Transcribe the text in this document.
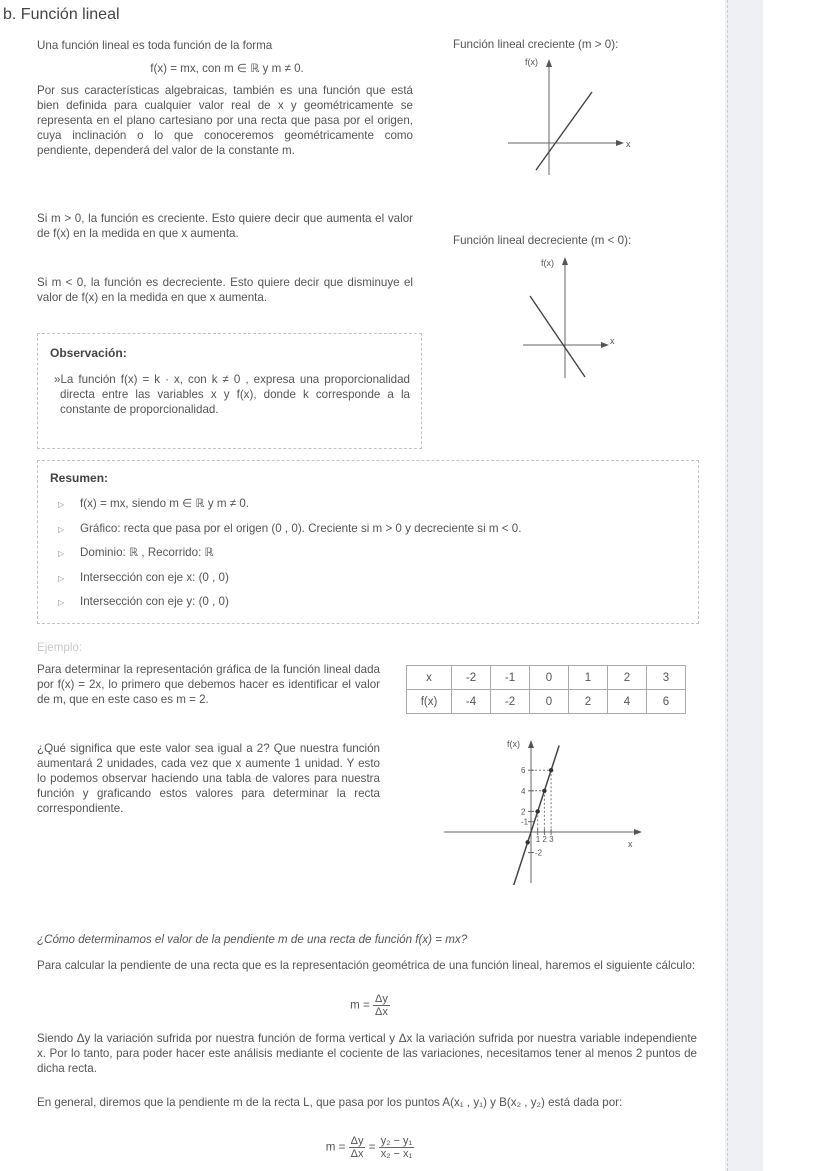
b. Función lineal

Una función lineal es toda función de la forma

f(x) = mx, con m ∈ ℝ y m ≠ 0.

Por sus características algebraicas, también es una función que está bien definida para cualquier valor real de x y geométricamente se representa en el plano cartesiano por una recta que pasa por el origen, cuya inclinación o lo que conoceremos geométricamente como pendiente, dependerá del valor de la constante m.

Si m > 0, la función es creciente. Esto quiere decir que aumenta el valor de f(x) en la medida en que x aumenta.

Si m < 0, la función es decreciente. Esto quiere decir que disminuye el valor de f(x) en la medida en que x aumenta.

Observación:

»La función f(x) = k · x, con k ≠ 0 , expresa una proporcionalidad directa entre las variables x y f(x), donde k corresponde a la constante de proporcionalidad.

Función lineal creciente (m > 0):
f(x)
x
Función lineal decreciente (m < 0):
f(x)
x
Resumen:
▷ f(x) = mx, siendo m ∈ ℝ y m ≠ 0.
▷ Gráfico: recta que pasa por el origen (0 , 0). Creciente si m > 0 y decreciente si m < 0.
▷ Dominio: ℝ , Recorrido: ℝ
▷ Intersección con eje x: (0 , 0)
▷ Intersección con eje y: (0 , 0)
Ejemplo:

Para determinar la representación gráfica de la función lineal dada por f(x) = 2x, lo primero que debemos hacer es identificar el valor de m, que en este caso es m = 2.

¿Qué significa que este valor sea igual a 2? Que nuestra función aumentará 2 unidades, cada vez que x aumente 1 unidad. Y esto lo podemos observar haciendo una tabla de valores para nuestra función y graficando estos valores para determinar la recta correspondiente.

x	-2	-1	0	1	2	3
f(x)	-4	-2	0	2	4	6
f(x)
x
6
4
2
-1
-2
1 2 3
¿Cómo determinamos el valor de la pendiente m de una recta de función f(x) = mx?

Para calcular la pendiente de una recta que es la representación geométrica de una función lineal, haremos el siguiente cálculo:

$m = \frac{\Delta y}{\Delta x}$

Siendo Δy la variación sufrida por nuestra función de forma vertical y Δx la variación sufrida por nuestra variable independiente x. Por lo tanto, para poder hacer este análisis mediante el cociente de las variaciones, necesitamos tener al menos 2 puntos de dicha recta.

En general, diremos que la pendiente m de la recta L, que pasa por los puntos A(x₁ , y₁) y B(x₂ , y₂) está dada por:

$m = \frac{\Delta y}{\Delta x} = \frac{\text{y₂ − y₁}}{\text{x₂ − x₁}}$
